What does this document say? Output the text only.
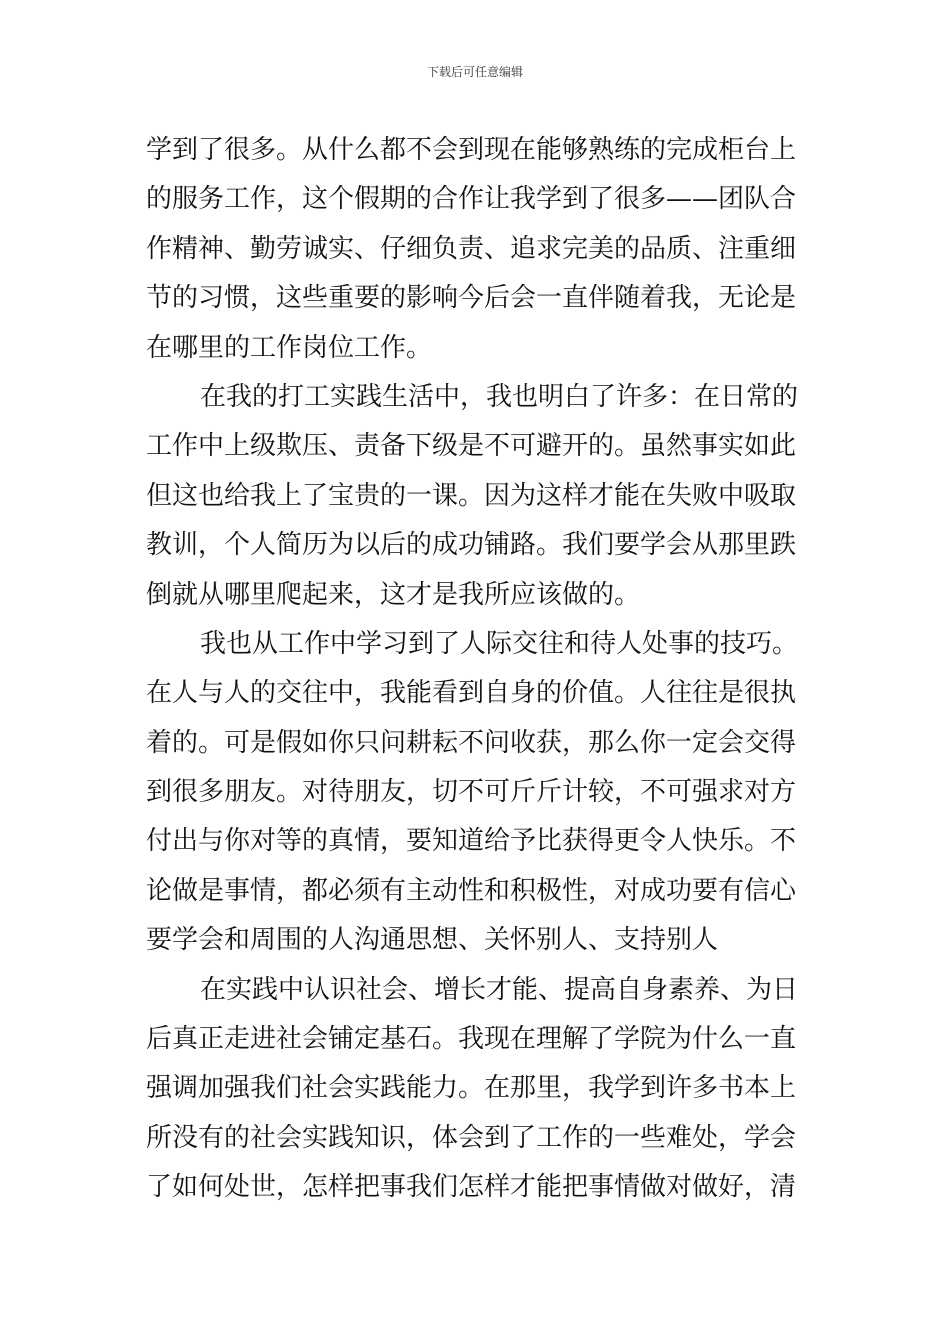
下载后可任意编辑
学到了很多。从什么都不会到现在能够熟练的完成柜台上
的服务工作，这个假期的合作让我学到了很多——团队合
作精神、勤劳诚实、仔细负责、追求完美的品质、注重细
节的习惯，这些重要的影响今后会一直伴随着我，无论是
在哪里的工作岗位工作。
在我的打工实践生活中，我也明白了许多：在日常的
工作中上级欺压、责备下级是不可避开的。虽然事实如此
但这也给我上了宝贵的一课。因为这样才能在失败中吸取
教训，个人简历为以后的成功铺路。我们要学会从那里跌
倒就从哪里爬起来，这才是我所应该做的。
我也从工作中学习到了人际交往和待人处事的技巧。
在人与人的交往中，我能看到自身的价值。人往往是很执
着的。可是假如你只问耕耘不问收获，那么你一定会交得
到很多朋友。对待朋友，切不可斤斤计较，不可强求对方
付出与你对等的真情，要知道给予比获得更令人快乐。不
论做是事情，都必须有主动性和积极性，对成功要有信心
要学会和周围的人沟通思想、关怀别人、支持别人
在实践中认识社会、增长才能、提高自身素养、为日
后真正走进社会铺定基石。我现在理解了学院为什么一直
强调加强我们社会实践能力。在那里，我学到许多书本上
所没有的社会实践知识，体会到了工作的一些难处，学会
了如何处世，怎样把事我们怎样才能把事情做对做好，清
